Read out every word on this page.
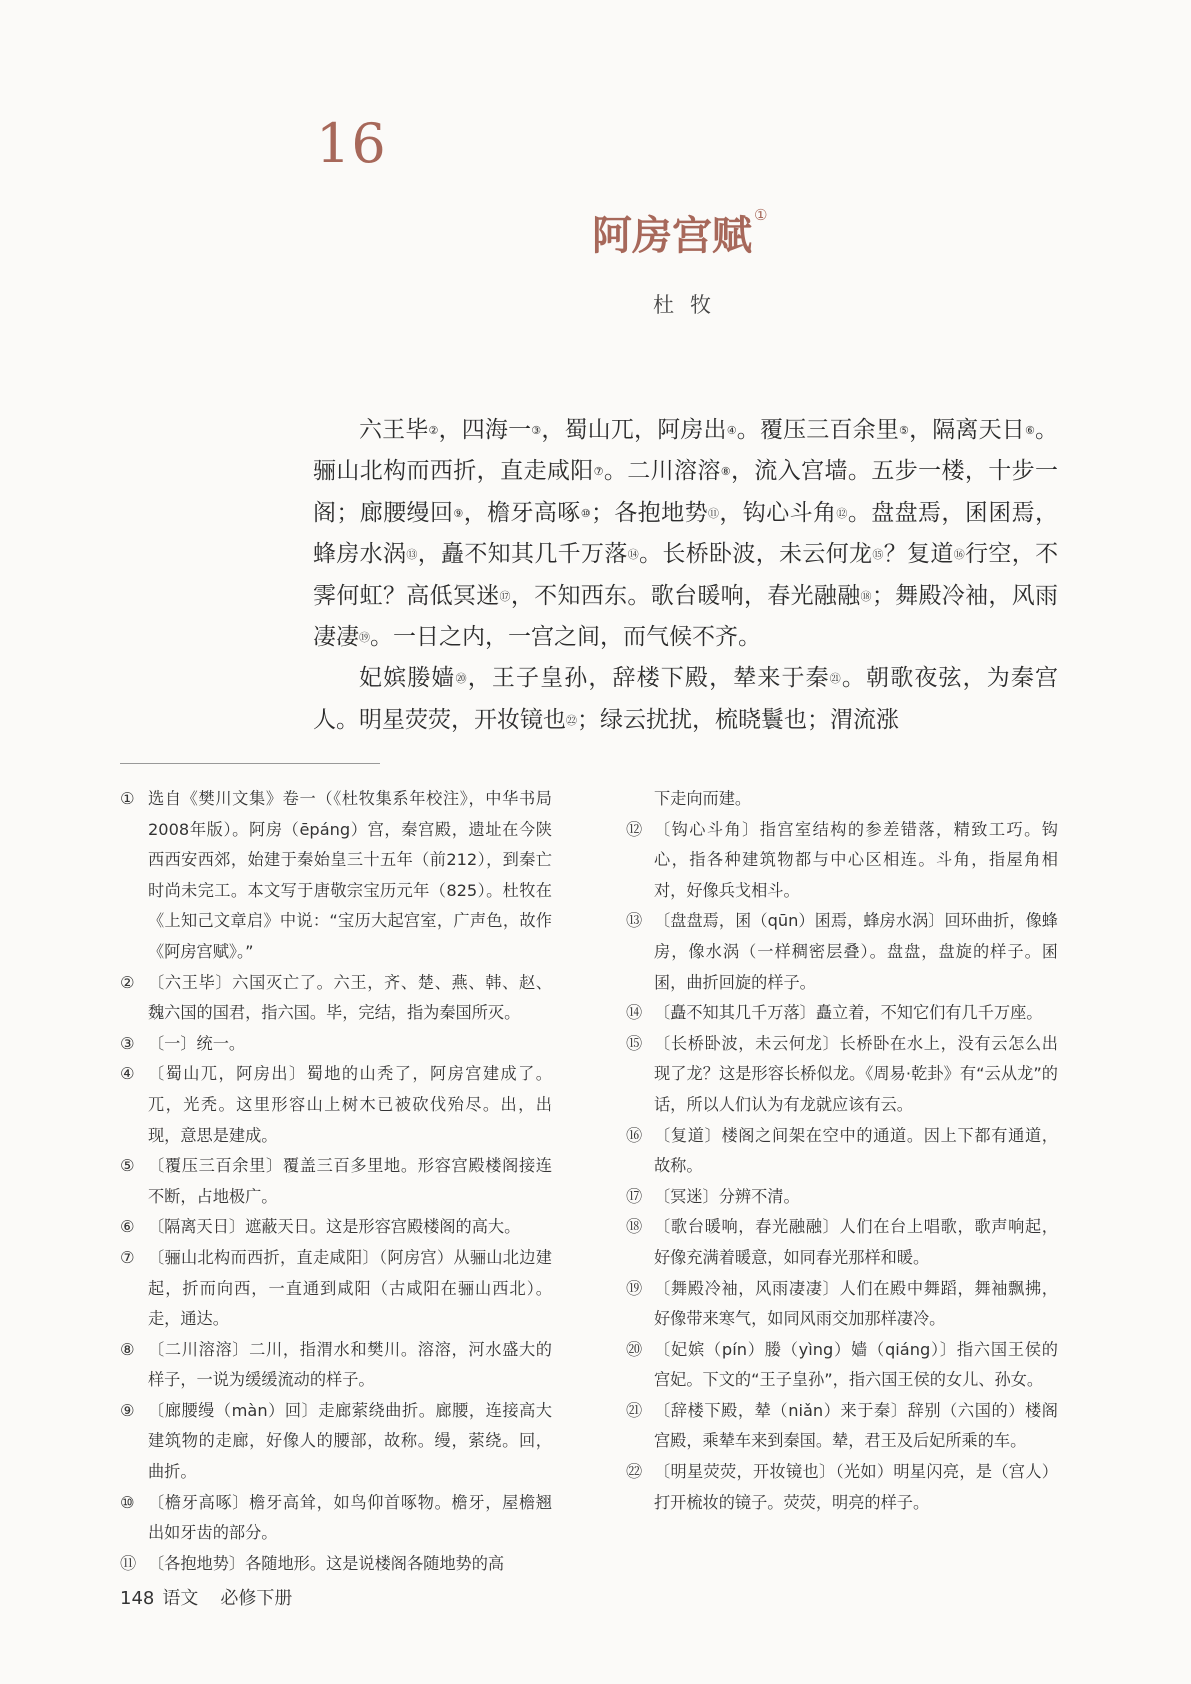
16
阿房宫赋 ①
杜牧

六王毕②，四海一③，蜀山兀，阿房出④。覆压三百余里⑤，隔离天日⑥。骊山北构而西折，直走咸阳⑦。二川溶溶⑧，流入宫墙。五步一楼，十步一阁；廊腰缦回⑨，檐牙高啄⑩；各抱地势⑪，钩心斗角⑫。盘盘焉，囷囷焉，蜂房水涡⑬，矗不知其几千万落⑭。长桥卧波，未云何龙⑮？复道⑯行空，不霁何虹？高低冥迷⑰，不知西东。歌台暖响，春光融融⑱；舞殿冷袖，风雨凄凄⑲。一日之内，一宫之间，而气候不齐。

妃嫔媵嫱⑳，王子皇孙，辞楼下殿，辇来于秦$^㉑$。朝歌夜弦，为秦宫人。明星荧荧，开妆镜也$^㉒$；绿云扰扰，梳晓鬟也；渭流涨

① 选自《樊川文集》卷一（《杜牧集系年校注》，中华书局2008年版）。阿房（ēpáng）宫，秦宫殿，遗址在今陕西西安西郊，始建于秦始皇三十五年（前212），到秦亡时尚未完工。本文写于唐敬宗宝历元年（825）。杜牧在《上知己文章启》中说：“宝历大起宫室，广声色，故作《阿房宫赋》。”
② 〔六王毕〕六国灭亡了。六王，齐、楚、燕、韩、赵、魏六国的国君，指六国。毕，完结，指为秦国所灭。
③ 〔一〕统一。
④ 〔蜀山兀，阿房出〕蜀地的山秃了，阿房宫建成了。兀，光秃。这里形容山上树木已被砍伐殆尽。出，出现，意思是建成。
⑤ 〔覆压三百余里〕覆盖三百多里地。形容宫殿楼阁接连不断，占地极广。
⑥ 〔隔离天日〕遮蔽天日。这是形容宫殿楼阁的高大。
⑦ 〔骊山北构而西折，直走咸阳〕（阿房宫）从骊山北边建起，折而向西，一直通到咸阳（古咸阳在骊山西北）。走，通达。
⑧ 〔二川溶溶〕二川，指渭水和樊川。溶溶，河水盛大的样子，一说为缓缓流动的样子。
⑨ 〔廊腰缦（màn）回〕走廊萦绕曲折。廊腰，连接高大建筑物的走廊，好像人的腰部，故称。缦，萦绕。回，曲折。
⑩ 〔檐牙高啄〕檐牙高耸，如鸟仰首啄物。檐牙，屋檐翘出如牙齿的部分。
⑪ 〔各抱地势〕各随地形。这是说楼阁各随地势的高
下走向而建。
⑫ 〔钩心斗角〕指宫室结构的参差错落，精致工巧。钩心，指各种建筑物都与中心区相连。斗角，指屋角相对，好像兵戈相斗。
⑬ 〔盘盘焉，囷（qūn）囷焉，蜂房水涡〕回环曲折，像蜂房，像水涡（一样稠密层叠）。盘盘，盘旋的样子。囷囷，曲折回旋的样子。
⑭ 〔矗不知其几千万落〕矗立着，不知它们有几千万座。
⑮ 〔长桥卧波，未云何龙〕长桥卧在水上，没有云怎么出现了龙？这是形容长桥似龙。《周易·乾卦》有“云从龙”的话，所以人们认为有龙就应该有云。
⑯ 〔复道〕楼阁之间架在空中的通道。因上下都有通道，故称。
⑰ 〔冥迷〕分辨不清。
⑱ 〔歌台暖响，春光融融〕人们在台上唱歌，歌声响起，好像充满着暖意，如同春光那样和暖。
⑲ 〔舞殿冷袖，风雨凄凄〕人们在殿中舞蹈，舞袖飘拂，好像带来寒气，如同风雨交加那样凄冷。
⑳ 〔妃嫔（pín）媵（yìng）嫱（qiáng）〕指六国王侯的宫妃。下文的“王子皇孙”，指六国王侯的女儿、孙女。
㉑ 〔辞楼下殿，辇（niǎn）来于秦〕辞别（六国的）楼阁宫殿，乘辇车来到秦国。辇，君王及后妃所乘的车。
㉒ 〔明星荧荧，开妆镜也〕（光如）明星闪亮，是（宫人）打开梳妆的镜子。荧荧，明亮的样子。
148 语文 必修下册
